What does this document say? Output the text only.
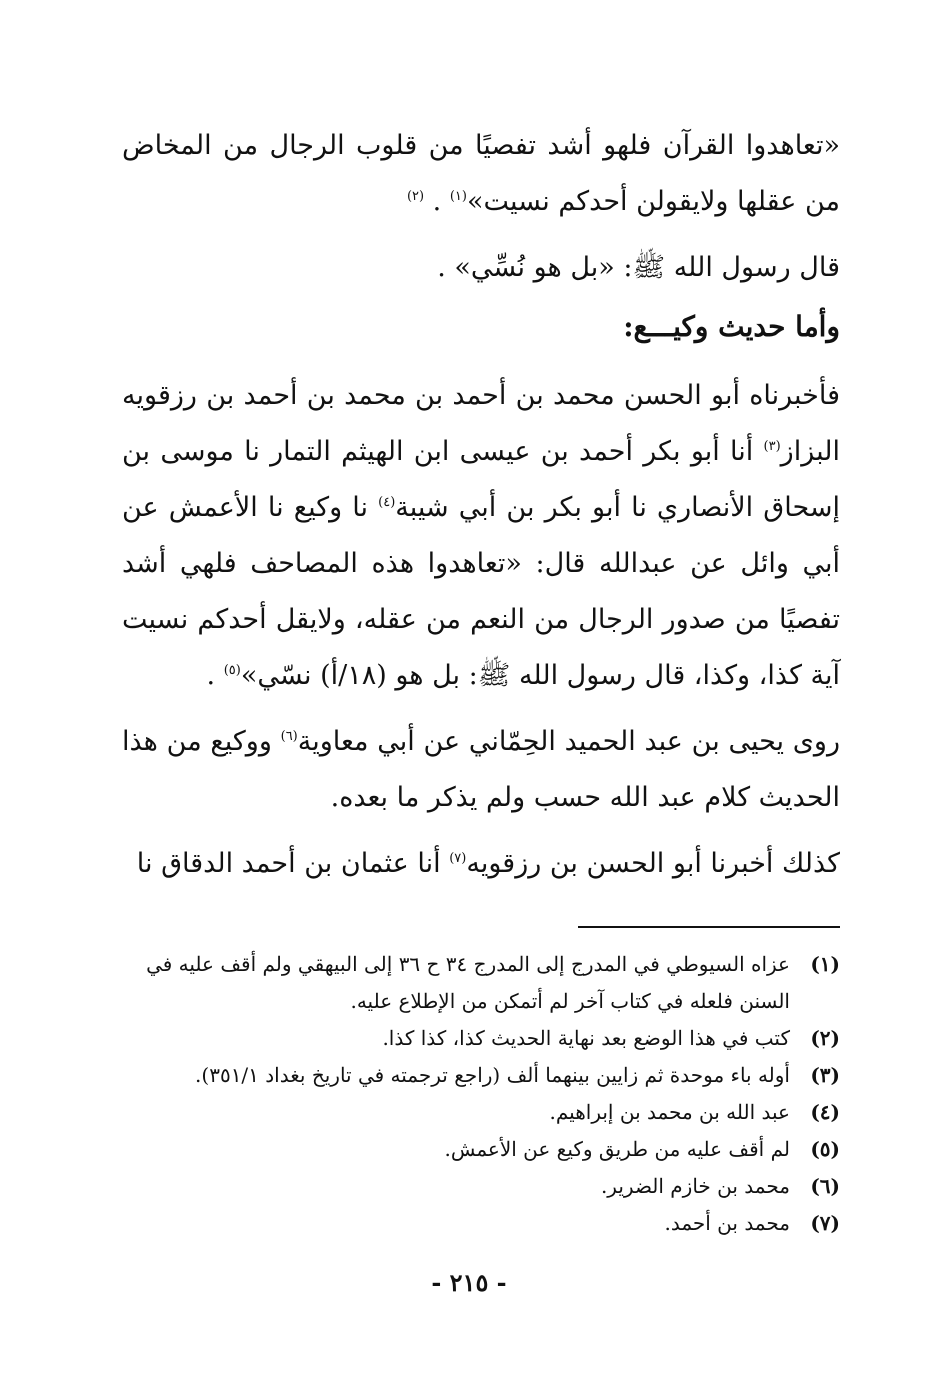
«تعاهدوا القرآن فلهو أشد تفصيًا من قلوب الرجال من المخاض من عقلها ولايقولن أحدكم نسيت»$^{(١)}$ . $^{(٢)}$

قال رسول الله ﷺ: «بل هو نُسِّي» .

وأما حديث وكيـــع:

فأخبرناه أبو الحسن محمد بن أحمد بن محمد بن أحمد بن رزقويه البزاز$^{(٣)}$ أنا أبو بكر أحمد بن عيسى ابن الهيثم التمار نا موسى بن إسحاق الأنصاري نا أبو بكر بن أبي شيبة$^{(٤)}$ نا وكيع نا الأعمش عن أبي وائل عن عبدالله قال: «تعاهدوا هذه المصاحف فلهي أشد تفصيًا من صدور الرجال من النعم من عقله، ولايقل أحدكم نسيت آية كذا، وكذا، قال رسول الله ﷺ: بل هو (١٨/أ) نسّي»$^{(٥)}$ .

روى يحيى بن عبد الحميد الحِمّاني عن أبي معاوية$^{(٦)}$ ووكيع من هذا الحديث كلام عبد الله حسب ولم يذكر ما بعده.

كذلك أخبرنا أبو الحسن بن رزقويه$^{(٧)}$ أنا عثمان بن أحمد الدقاق نا

(١)
عزاه السيوطي في المدرج إلى المدرج ٣٤ ح ٣٦ إلى البيهقي ولم أقف عليه في السنن فلعله في كتاب آخر لم أتمكن من الإطلاع عليه.
(٢)
كتب في هذا الوضع بعد نهاية الحديث كذا، كذا كذا.
(٣)
أوله باء موحدة ثم زايين بينهما ألف (راجع ترجمته في تاريخ بغداد ٣٥١/١).
(٤)
عبد الله بن محمد بن إبراهيم.
(٥)
لم أقف عليه من طريق وكيع عن الأعمش.
(٦)
محمد بن خازم الضرير.
(٧)
محمد بن أحمد.
- ٢١٥ -
